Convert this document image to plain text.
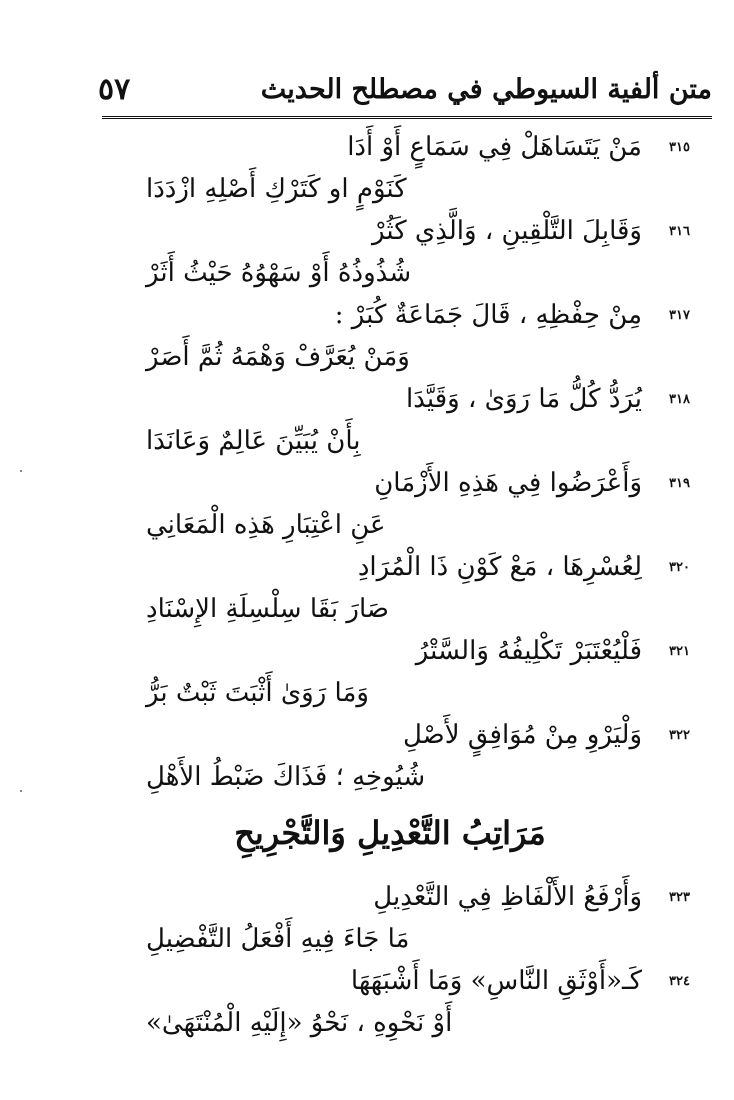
متن ألفية السيوطي في مصطلح الحديث
٥٧
٣١٥
مَنْ يَتَسَاهَلْ فِي سَمَاعٍ أَوْ أَدَا
كَنَوْمٍ او كَتَرْكِ أَصْلِهِ ازْدَدَا
٣١٦
وَقَابِلَ التَّلْقِينِ ، وَالَّذِي كَثُرْ
شُذُوذُهُ أَوْ سَهْوُهُ حَيْثُ أَثَرْ
٣١٧
مِنْ حِفْظِهِ ، قَالَ جَمَاعَةٌ كُبَرْ :
وَمَنْ يُعَرَّفْ وَهْمَهُ ثُمَّ أَصَرْ
٣١٨
يُرَدُّ كُلُّ مَا رَوَىٰ ، وَقَيَّدَا
بِأَنْ يُبَيِّنَ عَالِمٌ وَعَانَدَا
٣١٩
وَأَعْرَضُوا فِي هَذِهِ الأَزْمَانِ
عَنِ اعْتِبَارِ هَذِه الْمَعَانِي
٣٢٠
لِعُسْرِهَا ، مَعْ كَوْنِ ذَا الْمُرَادِ
صَارَ بَقَا سِلْسِلَةِ الإِسْنَادِ
٣٢١
فَلْيُعْتَبَرْ تَكْلِيفُهُ وَالسَّتْرُ
وَمَا رَوَىٰ أَثْبَتَ ثَبْتٌ بَرُّ
٣٢٢
وَلْيَرْوِ مِنْ مُوَافِقٍ لأَصْلِ
شُيُوخِهِ ؛ فَذَاكَ ضَبْطُ الأَهْلِ
مَرَاتِبُ التَّعْدِيلِ وَالتَّجْرِيحِ
٣٢٣
وَأَرْفَعُ الأَلْفَاظِ فِي التَّعْدِيلِ
مَا جَاءَ فِيهِ أَفْعَلُ التَّفْضِيلِ
٣٢٤
كَـ«أَوْثَقِ النَّاسِ» وَمَا أَشْبَهَهَا
أَوْ نَحْوِهِ ، نَحْوُ «إِلَيْهِ الْمُنْتَهَىٰ»
